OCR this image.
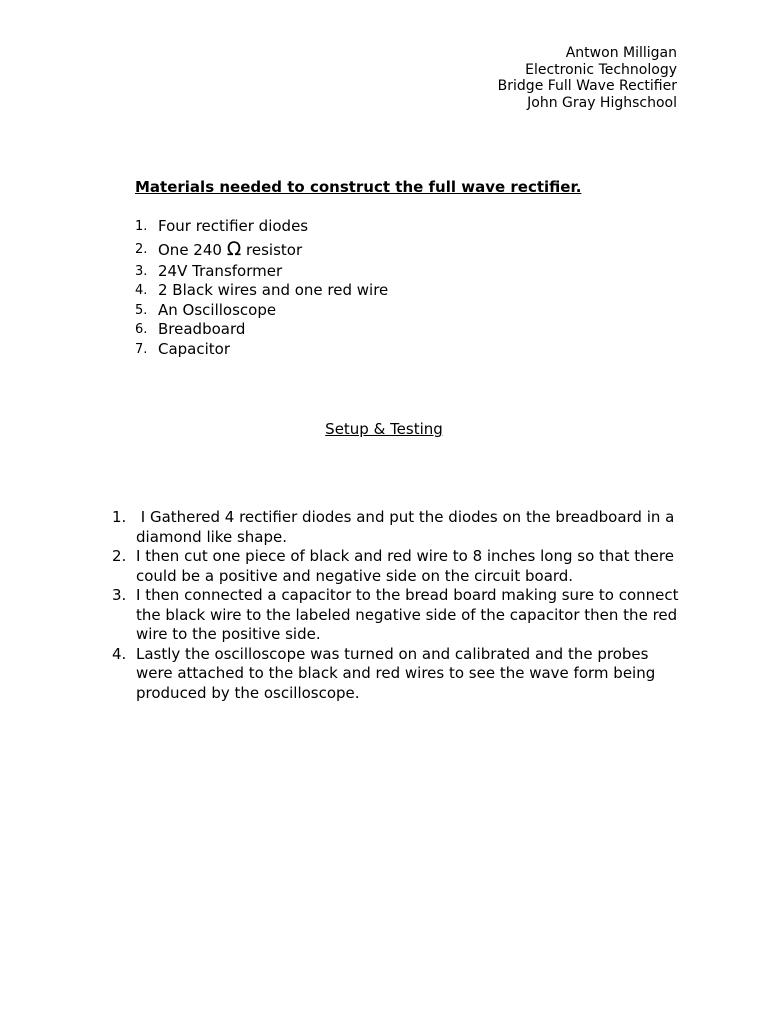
Antwon Milligan
Electronic Technology
Bridge Full Wave Rectifier
John Gray Highschool

Materials needed to construct the full wave rectifier.

1. Four rectifier diodes
2. One 240 Ω resistor
3. 24V Transformer
4. 2 Black wires and one red wire
5. An Oscilloscope
6. Breadboard
7. Capacitor

Setup & Testing

1. I Gathered 4 rectifier diodes and put the diodes on the breadboard in a diamond like shape.
2. I then cut one piece of black and red wire to 8 inches long so that there could be a positive and negative side on the circuit board.
3. I then connected a capacitor to the bread board making sure to connect the black wire to the labeled negative side of the capacitor then the red wire to the positive side.
4. Lastly the oscilloscope was turned on and calibrated and the probes were attached to the black and red wires to see the wave form being produced by the oscilloscope.
